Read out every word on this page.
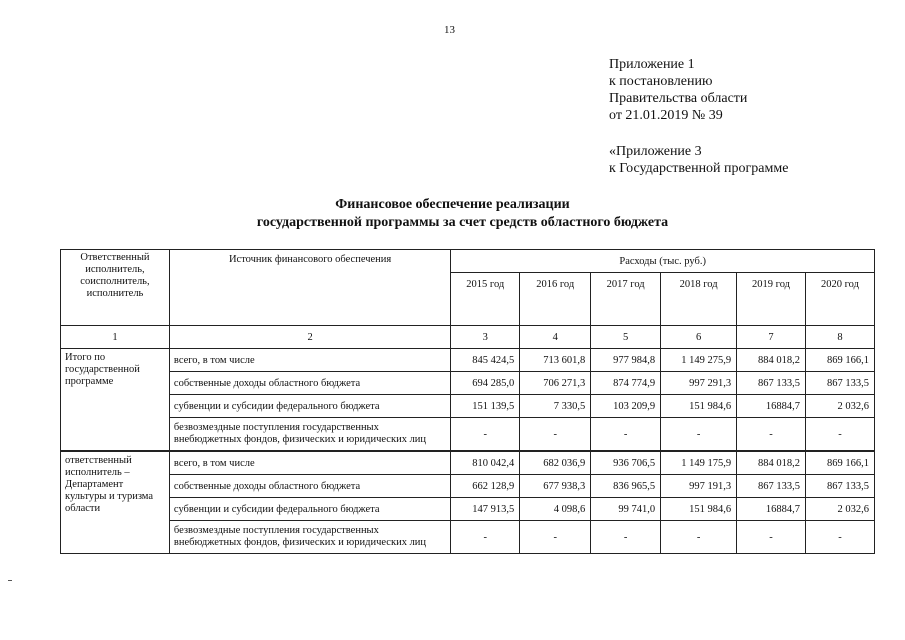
13
Приложение 1
к постановлению
Правительства области
от 21.01.2019 № 39
«Приложение 3
к Государственной программе
Финансовое обеспечение реализации
государственной программы за счет средств областного бюджета
Ответственный исполнитель, соисполнитель, исполнитель	Источник финансового обеспечения	Расходы (тыс. руб.)					
		2015 год	2016 год	2017 год	2018 год	2019 год	2020 год
1	2	3	4	5	6	7	8
Итого по государственной программе	всего, в том числе	845 424,5	713 601,8	977 984,8	1 149 275,9	884 018,2	869 166,1
	собственные доходы областного бюджета	694 285,0	706 271,3	874 774,9	997 291,3	867 133,5	867 133,5
	субвенции и субсидии федерального бюджета	151 139,5	7 330,5	103 209,9	151 984,6	16884,7	2 032,6
	безвозмездные поступления государственных внебюджетных фондов, физических и юридических лиц	-	-	-	-	-	-
ответственный исполнитель – Департамент культуры и туризма области	всего, в том числе	810 042,4	682 036,9	936 706,5	1 149 175,9	884 018,2	869 166,1
	собственные доходы областного бюджета	662 128,9	677 938,3	836 965,5	997 191,3	867 133,5	867 133,5
	субвенции и субсидии федерального бюджета	147 913,5	4 098,6	99 741,0	151 984,6	16884,7	2 032,6
	безвозмездные поступления государственных внебюджетных фондов, физических и юридических лиц	-	-	-	-	-	-
